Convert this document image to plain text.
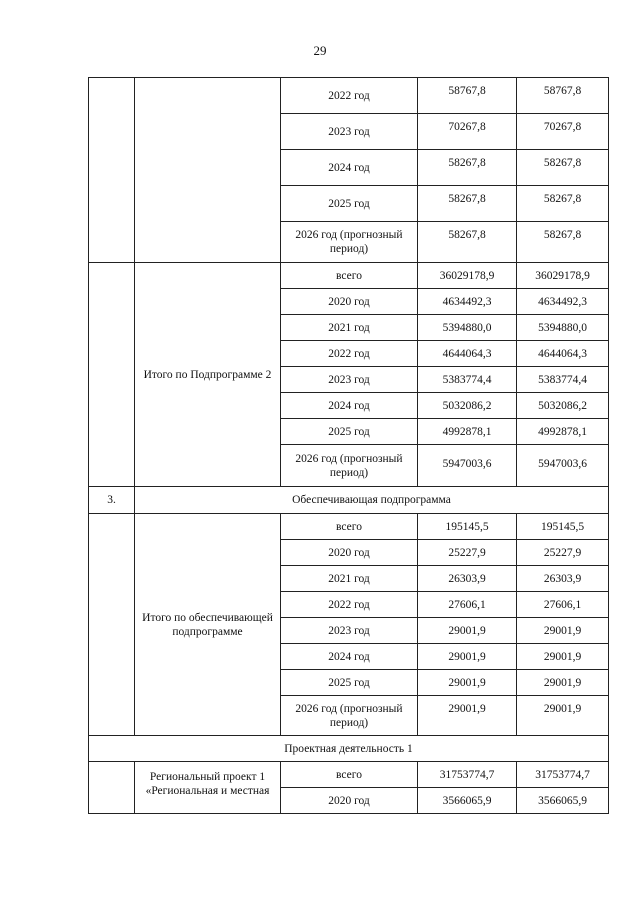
29
		2022 год	58767,8	58767,8
		2023 год	70267,8	70267,8
		2024 год	58267,8	58267,8
		2025 год	58267,8	58267,8
		2026 год (прогнозный период)	58267,8	58267,8
	Итого по Подпрограмме 2	всего	36029178,9	36029178,9
		2020 год	4634492,3	4634492,3
		2021 год	5394880,0	5394880,0
		2022 год	4644064,3	4644064,3
		2023 год	5383774,4	5383774,4
		2024 год	5032086,2	5032086,2
		2025 год	4992878,1	4992878,1
		2026 год (прогнозный период)	5947003,6	5947003,6
3.	Обеспечивающая подпрограмма			
	Итого по обеспечивающей подпрограмме	всего	195145,5	195145,5
		2020 год	25227,9	25227,9
		2021 год	26303,9	26303,9
		2022 год	27606,1	27606,1
		2023 год	29001,9	29001,9
		2024 год	29001,9	29001,9
		2025 год	29001,9	29001,9
		2026 год (прогнозный период)	29001,9	29001,9
Проектная деятельность 1				
	Региональный проект 1 «Региональная и местная	всего	31753774,7	31753774,7
		2020 год	3566065,9	3566065,9
